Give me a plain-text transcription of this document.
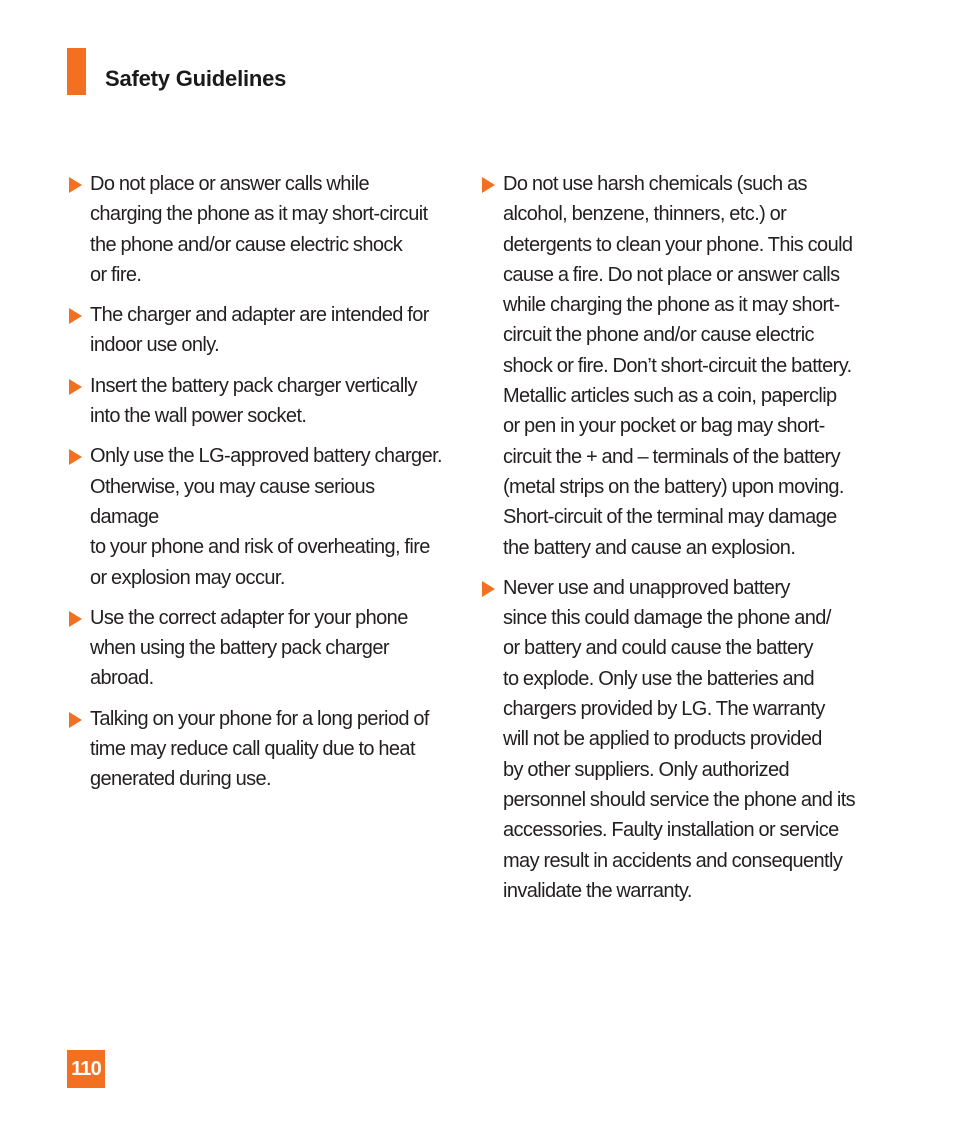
Safety Guidelines
Do not place or answer calls while
charging the phone as it may short-circuit
the phone and/or cause electric shock
or fire.
The charger and adapter are intended for
indoor use only.
Insert the battery pack charger vertically
into the wall power socket.
Only use the LG-approved battery charger.
Otherwise, you may cause serious damage
to your phone and risk of overheating, fire
or explosion may occur.
Use the correct adapter for your phone
when using the battery pack charger
abroad.
Talking on your phone for a long period of
time may reduce call quality due to heat
generated during use.
Do not use harsh chemicals (such as
alcohol, benzene, thinners, etc.) or
detergents to clean your phone. This could
cause a fire. Do not place or answer calls
while charging the phone as it may short-
circuit the phone and/or cause electric
shock or fire. Don’t short-circuit the battery.
Metallic articles such as a coin, paperclip
or pen in your pocket or bag may short-
circuit the + and – terminals of the battery
(metal strips on the battery) upon moving.
Short-circuit of the terminal may damage
the battery and cause an explosion.
Never use and unapproved battery
since this could damage the phone and/
or battery and could cause the battery
to explode. Only use the batteries and
chargers provided by LG. The warranty
will not be applied to products provided
by other suppliers. Only authorized
personnel should service the phone and its
accessories. Faulty installation or service
may result in accidents and consequently
invalidate the warranty.
110
